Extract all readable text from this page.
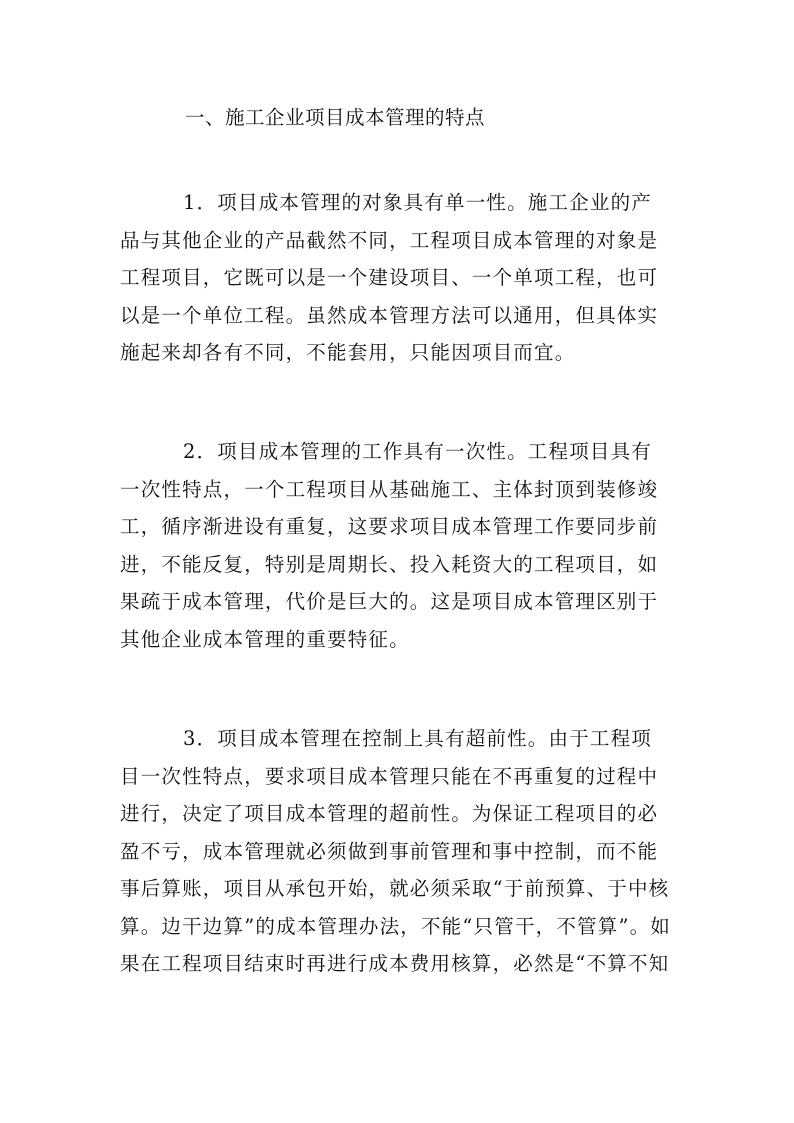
一、施工企业项目成本管理的特点
1．项目成本管理的对象具有单一性。施工企业的产
品与其他企业的产品截然不同，工程项目成本管理的对象是
工程项目，它既可以是一个建设项目、一个单项工程，也可
以是一个单位工程。虽然成本管理方法可以通用，但具体实
施起来却各有不同，不能套用，只能因项目而宜。
2．项目成本管理的工作具有一次性。工程项目具有
一次性特点，一个工程项目从基础施工、主体封顶到装修竣
工，循序渐进设有重复，这要求项目成本管理工作要同步前
进，不能反复，特别是周期长、投入耗资大的工程项目，如
果疏于成本管理，代价是巨大的。这是项目成本管理区别于
其他企业成本管理的重要特征。
3．项目成本管理在控制上具有超前性。由于工程项
目一次性特点，要求项目成本管理只能在不再重复的过程中
进行，决定了项目成本管理的超前性。为保证工程项目的必
盈不亏，成本管理就必须做到事前管理和事中控制，而不能
事后算账，项目从承包开始，就必须采取“于前预算、于中核
算。边干边算”的成本管理办法，不能“只管干，不管算”。如
果在工程项目结束时再进行成本费用核算，必然是“不算不知
